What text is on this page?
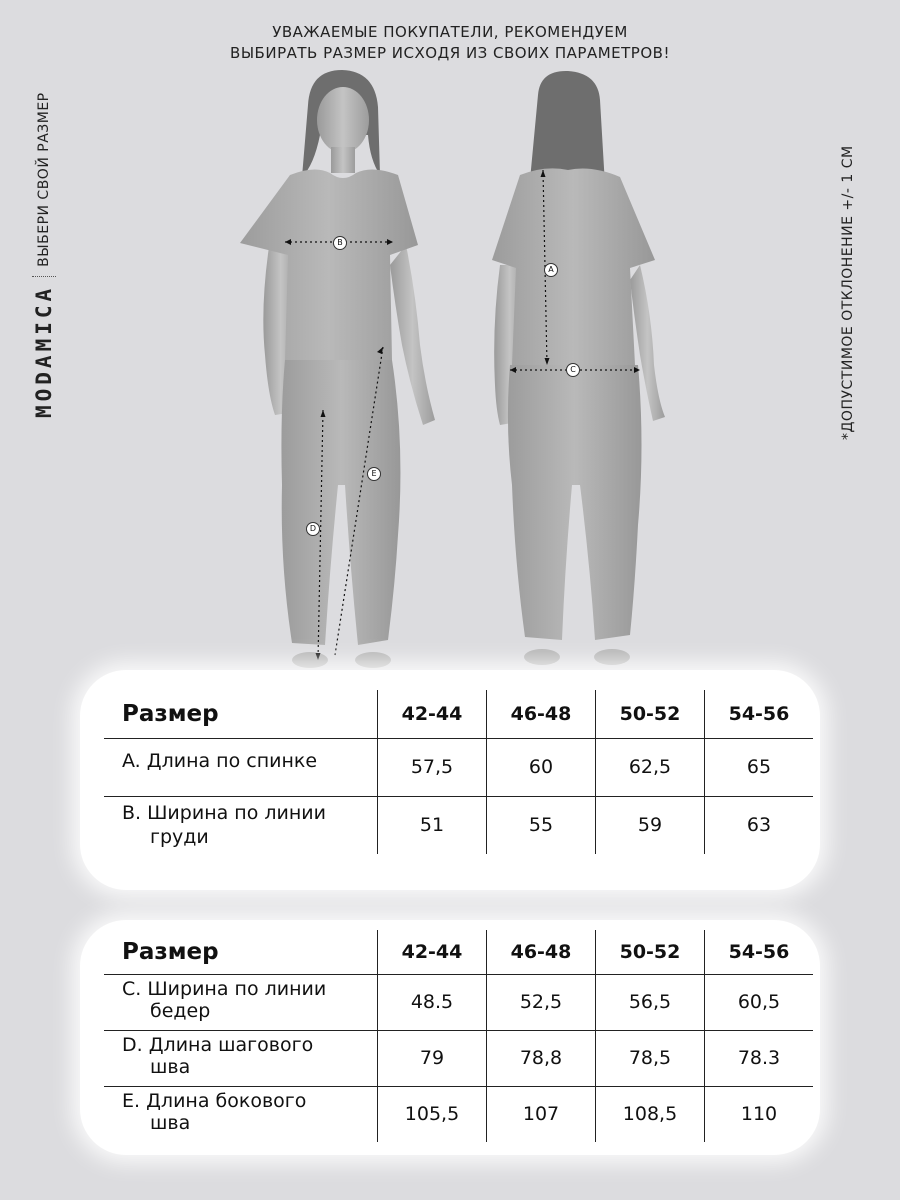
УВАЖАЕМЫЕ ПОКУПАТЕЛИ, РЕКОМЕНДУЕМ
ВЫБИРАТЬ РАЗМЕР ИСХОДЯ ИЗ СВОИХ ПАРАМЕТРОВ!
MODAMICA
ВЫБЕРИ СВОЙ РАЗМЕР	*ДОПУСТИМОЕ ОТКЛОНЕНИЕ +/- 1 СМ
B
E
D
A
C
Размер	42-44	46-48	50-52	54-56
A. Длина по спинке	57,5	60	62,5	65
B. Ширина по линии
груди	51	55	59	63
Размер	42-44	46-48	50-52	54-56
C. Ширина по линии
бедер	48.5	52,5	56,5	60,5
D. Длина шагового
шва	79	78,8	78,5	78.3
E. Длина бокового
шва	105,5	107	108,5	110
